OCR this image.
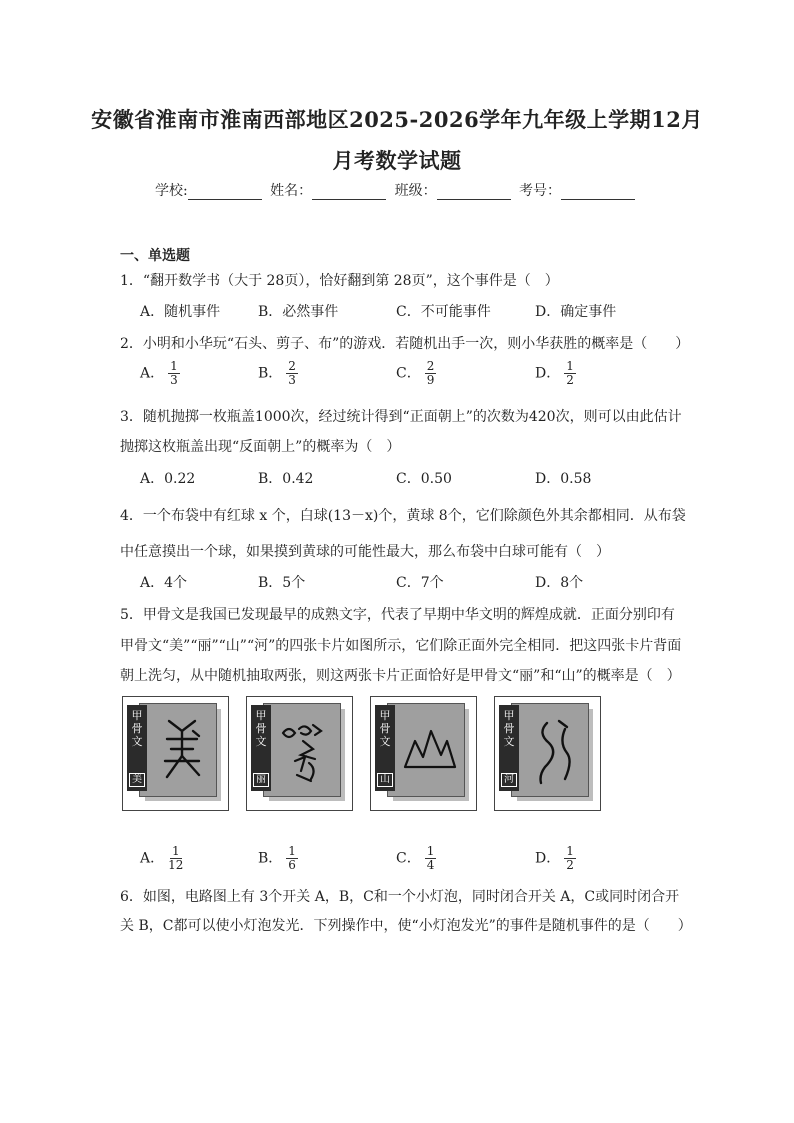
安徽省淮南市淮南西部地区2025-2026学年九年级上学期12月
月考数学试题
学校:	姓名：	班级：	考号：
一、单选题
1．“翻开数学书（大于 28页），恰好翻到第 28页”，这个事件是（　）
A．随机事件	B．必然事件	C．不可能事件	D．确定事件
2．小明和小华玩“石头、剪子、布”的游戏．若随机出手一次，则小华获胜的概率是（　　）
A． $\frac{1}{3}$	B． $\frac{2}{3}$	C． $\frac{2}{9}$	D． $\frac{1}{2}$
3．随机抛掷一枚瓶盖1000次，经过统计得到“正面朝上”的次数为420次，则可以由此估计
抛掷这枚瓶盖出现“反面朝上”的概率为（　）
A．0.22	B．0.42	C．0.50	D．0.58
4．一个布袋中有红球 x 个，白球(13－x)个，黄球 8个，它们除颜色外其余都相同．从布袋
中任意摸出一个球，如果摸到黄球的可能性最大，那么布袋中白球可能有（　）
A．4个	B．5个	C．7个	D．8个
5．甲骨文是我国已发现最早的成熟文字，代表了早期中华文明的辉煌成就．正面分别印有
甲骨文“美”“丽”“山”“河”的四张卡片如图所示，它们除正面外完全相同．把这四张卡片背面
朝上洗匀，从中随机抽取两张，则这两张卡片正面恰好是甲骨文“丽”和“山”的概率是（　）
甲骨文
美
甲骨文
丽
甲骨文
山
甲骨文
河
A． $\frac{1}{12}$	B． $\frac{1}{6}$	C． $\frac{1}{4}$	D． $\frac{1}{2}$
6．如图，电路图上有 3个开关 A，B，C和一个小灯泡，同时闭合开关 A，C或同时闭合开
关 B，C都可以使小灯泡发光．下列操作中，使“小灯泡发光”的事件是随机事件的是（　　）
